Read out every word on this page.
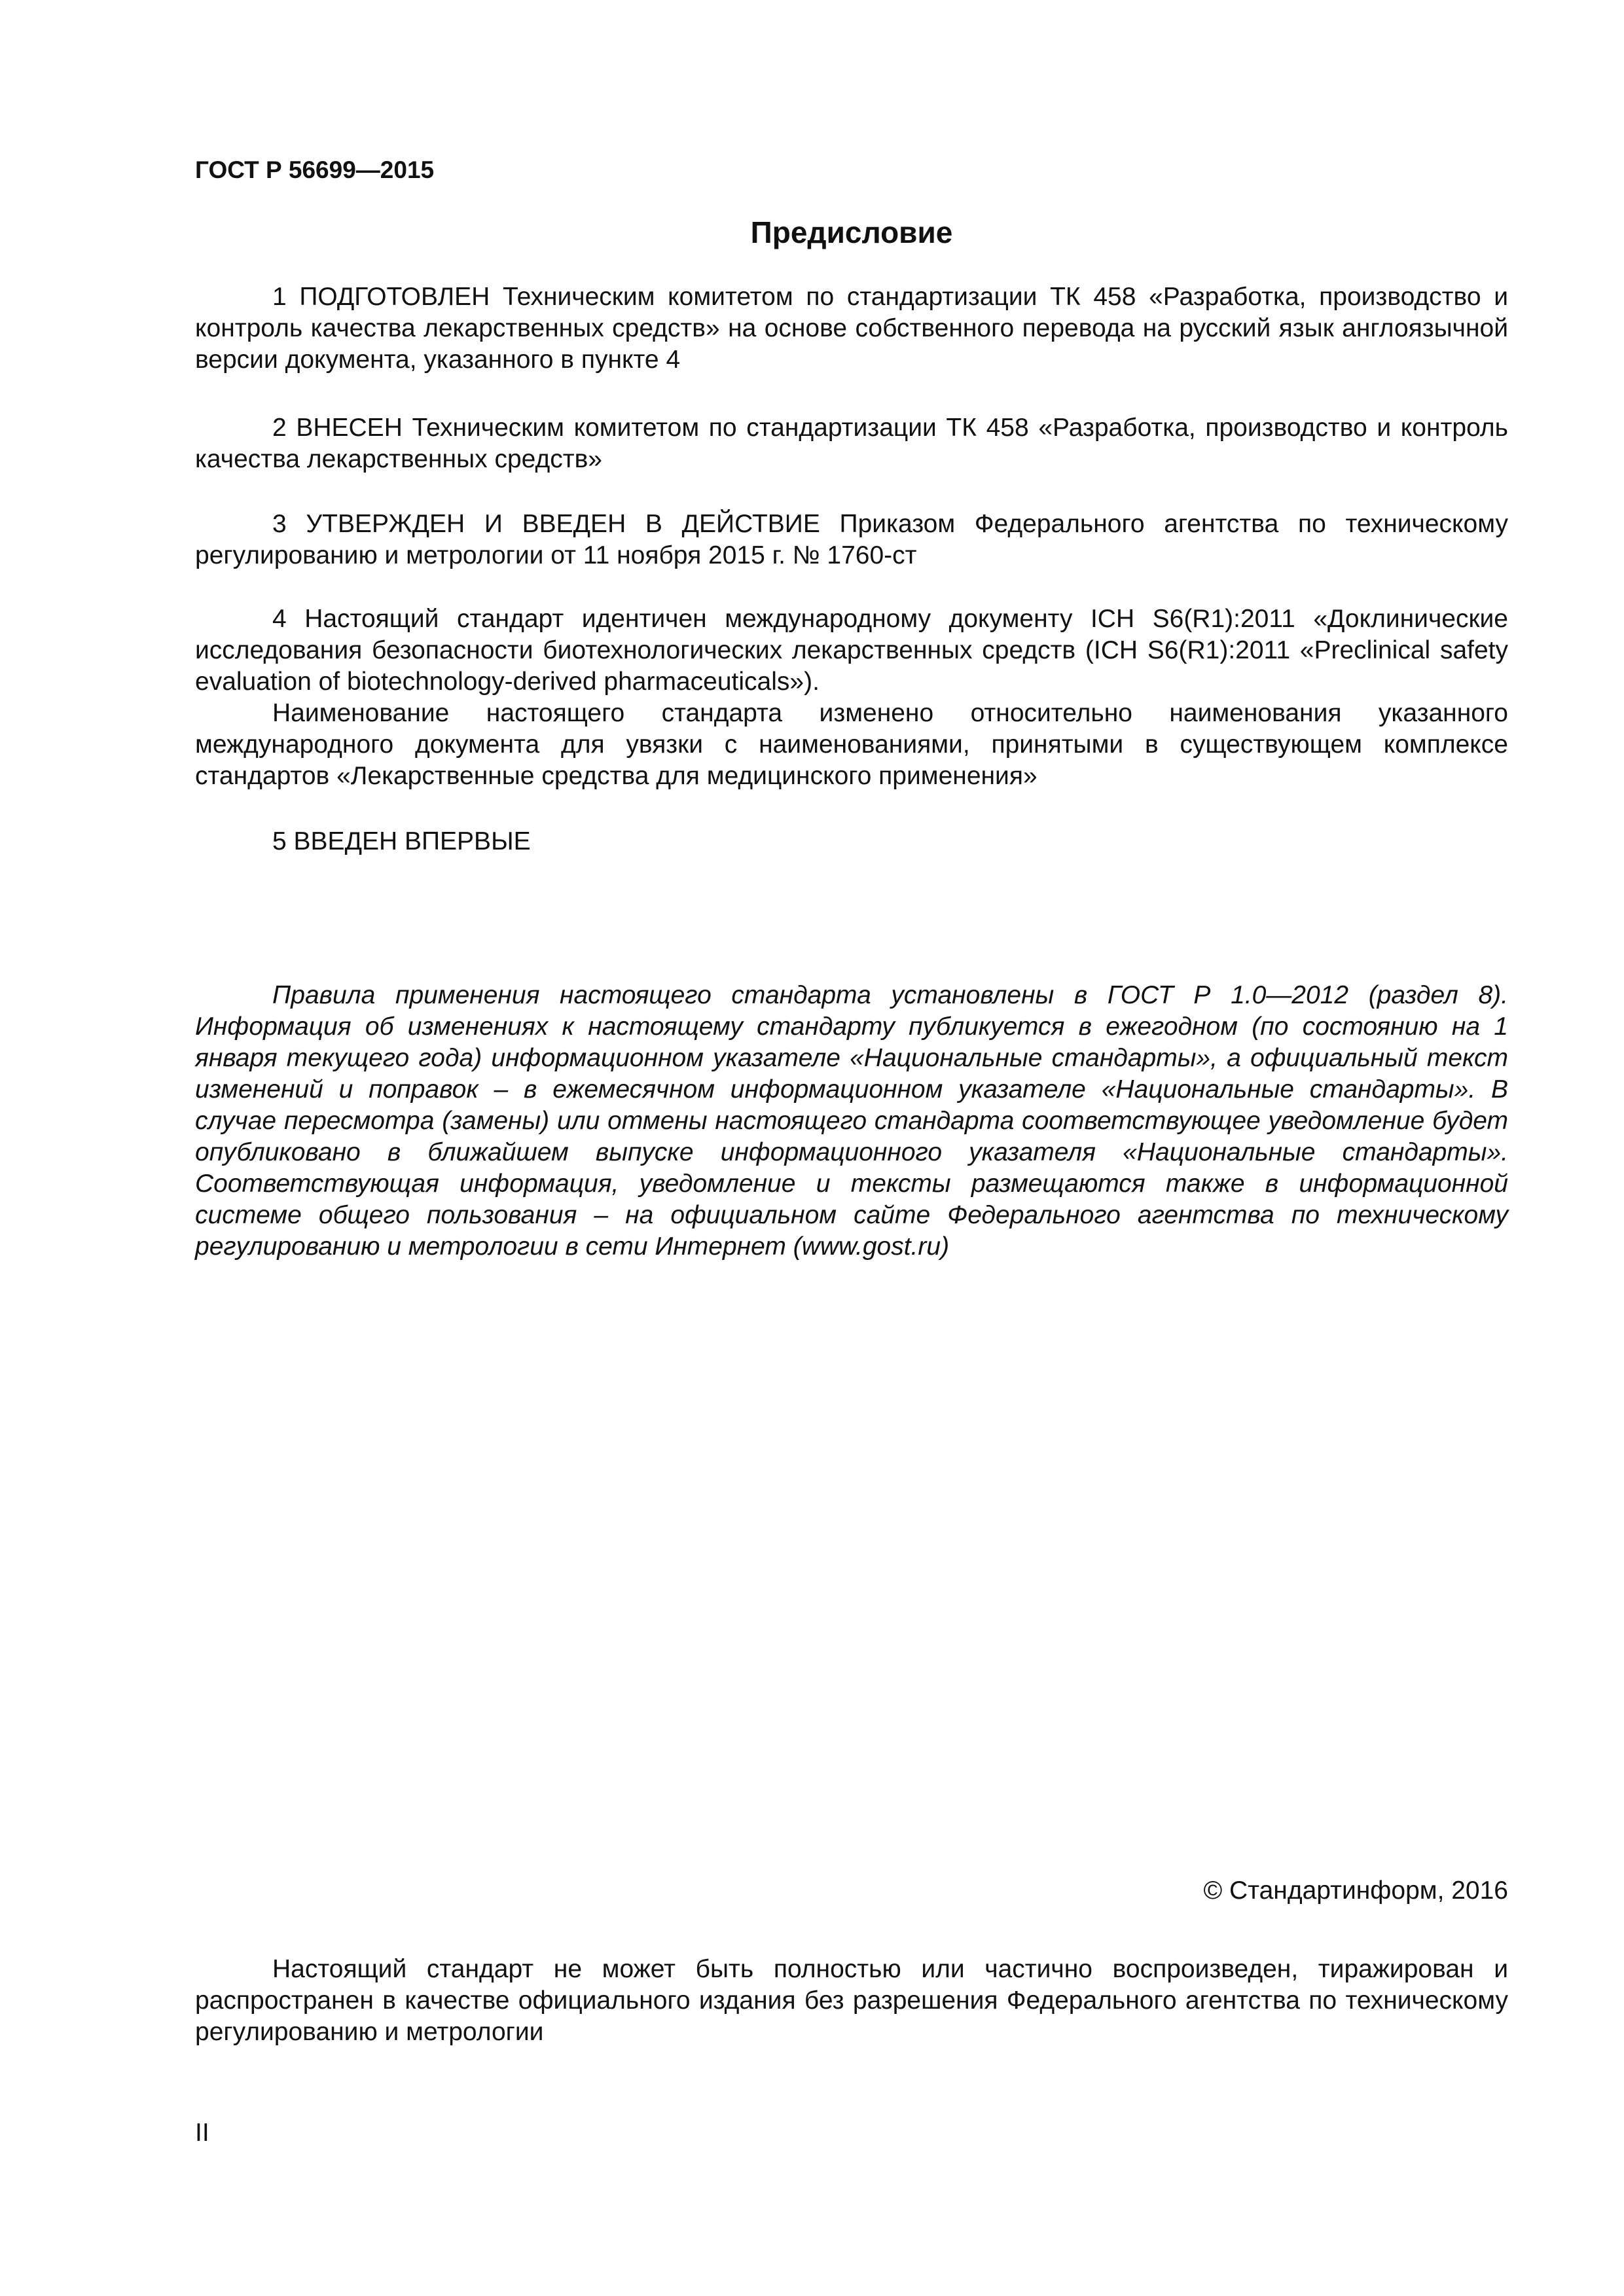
ГОСТ Р 56699—2015

Предисловие

1 ПОДГОТОВЛЕН Техническим комитетом по стандартизации ТК 458 «Разработка, производство и контроль качества лекарственных средств» на основе собственного перевода на русский язык англоязычной версии документа, указанного в пункте 4

2 ВНЕСЕН Техническим комитетом по стандартизации ТК 458 «Разработка, производство и контроль качества лекарственных средств»

3 УТВЕРЖДЕН И ВВЕДЕН В ДЕЙСТВИЕ Приказом Федерального агентства по техническому регулированию и метрологии от 11 ноября 2015 г. № 1760-ст

4 Настоящий стандарт идентичен международному документу ICH S6(R1):2011 «Доклинические исследования безопасности биотехнологических лекарственных средств (ICH S6(R1):2011 «Preclinical safety evaluation of biotechnology-derived pharmaceuticals»).

Наименование настоящего стандарта изменено относительно наименования указанного международного документа для увязки с наименованиями, принятыми в существующем комплексе стандартов «Лекарственные средства для медицинского применения»

5 ВВЕДЕН ВПЕРВЫЕ

Правила применения настоящего стандарта установлены в ГОСТ Р 1.0—2012 (раздел 8). Информация об изменениях к настоящему стандарту публикуется в ежегодном (по состоянию на 1 января текущего года) информационном указателе «Национальные стандарты», а официальный текст изменений и поправок – в ежемесячном информационном указателе «Национальные стандарты». В случае пересмотра (замены) или отмены настоящего стандарта соответствующее уведомление будет опубликовано в ближайшем выпуске информационного указателя «Национальные стандарты». Соответствующая информация, уведомление и тексты размещаются также в информационной системе общего пользования – на официальном сайте Федерального агентства по техническому регулированию и метрологии в сети Интернет (www.gost.ru)

© Стандартинформ, 2016

Настоящий стандарт не может быть полностью или частично воспроизведен, тиражирован и распространен в качестве официального издания без разрешения Федерального агентства по техническому регулированию и метрологии

II
